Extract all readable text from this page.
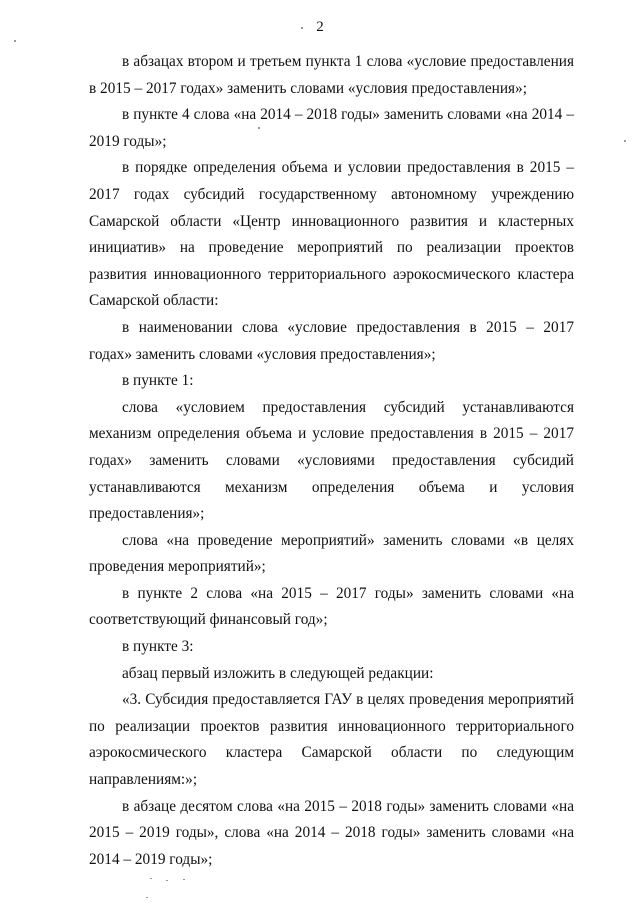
2

в абзацах втором и третьем пункта 1 слова «условие предоставления в 2015 – 2017 годах» заменить словами «условия предоставления»;

в пункте 4 слова «на 2014 – 2018 годы» заменить словами «на 2014 – 2019 годы»;

в порядке определения объема и условии предоставления в 2015 – 2017 годах субсидий государственному автономному учреждению Самарской области «Центр инновационного развития и кластерных инициатив» на проведение мероприятий по реализации проектов развития инновационного территориального аэрокосмического кластера Самарской области:

в наименовании слова «условие предоставления в 2015 – 2017 годах» заменить словами «условия предоставления»;

в пункте 1:

слова «условием предоставления субсидий устанавливаются механизм определения объема и условие предоставления в 2015 – 2017 годах» заменить словами «условиями предоставления субсидий устанавливаются механизм определения объема и условия предоставления»;

слова «на проведение мероприятий» заменить словами «в целях проведения мероприятий»;

в пункте 2 слова «на 2015 – 2017 годы» заменить словами «на соответствующий финансовый год»;

в пункте 3:

абзац первый изложить в следующей редакции:

«3. Субсидия предоставляется ГАУ в целях проведения мероприятий по реализации проектов развития инновационного территориального аэрокосмического кластера Самарской области по следующим направлениям:»;

в абзаце десятом слова «на 2015 – 2018 годы» заменить словами «на 2015 – 2019 годы», слова «на 2014 – 2018 годы» заменить словами «на 2014 – 2019 годы»;
